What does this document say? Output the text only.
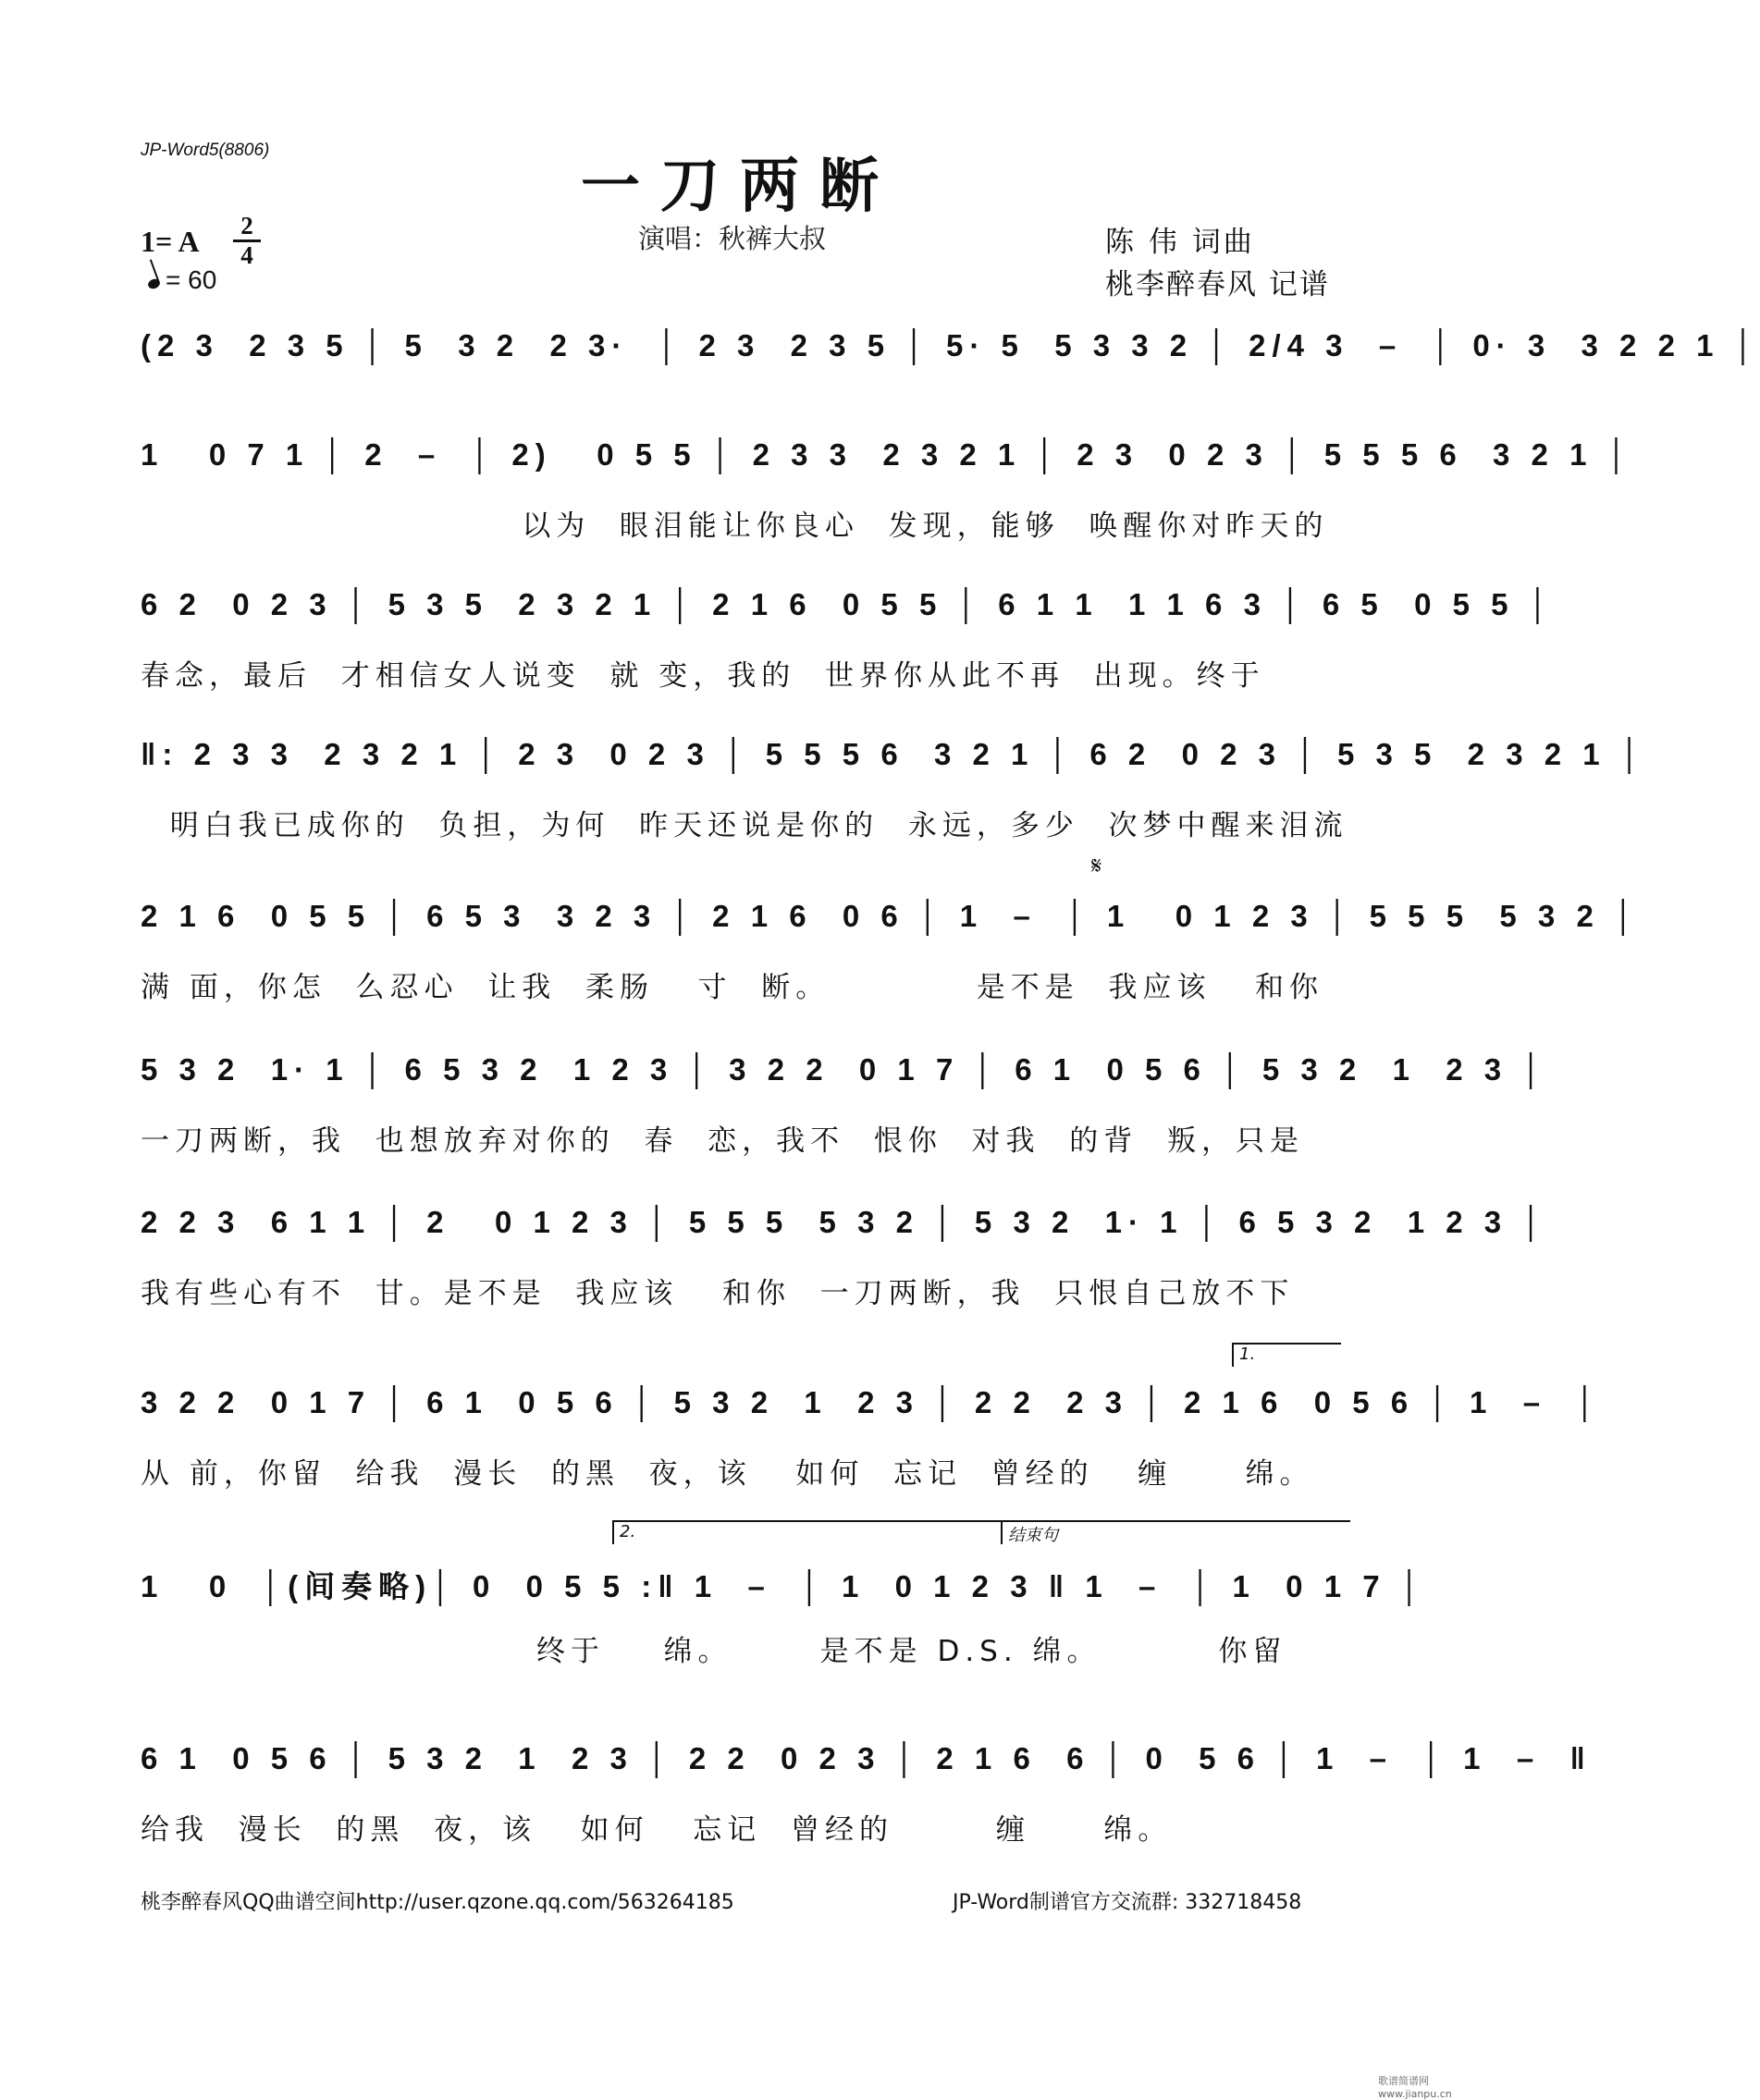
JP-Word5(8806)
一刀两断
演唱：秋裤大叔	陈 伟 词曲
桃李醉春风 记谱
1= A	2
4
= 60
(2 3  2 3 5 │ 5  3 2  2 3·  │ 2 3  2 3 5 │ 5· 5  5 3 3 2 │ 2/4 3  –  │ 0· 3  3 2 2 1 │
1   0 7 1 │ 2  –  │ 2)   0 5 5 │ 2 3 3  2 3 2 1 │ 2 3  0 2 3 │ 5 5 5 6  3 2 1 │
以为  眼泪能让你良心  发现，能够  唤醒你对昨天的
6 2  0 2 3 │ 5 3 5  2 3 2 1 │ 2 1 6  0 5 5 │ 6 1 1  1 1 6 3 │ 6 5  0 5 5 │
春念，最后  才相信女人说变  就 变，我的  世界你从此不再  出现。终于
‖: 2 3 3  2 3 2 1 │ 2 3  0 2 3 │ 5 5 5 6  3 2 1 │ 6 2  0 2 3 │ 5 3 5  2 3 2 1 │
明白我已成你的  负担，为何  昨天还说是你的  永远，多少  次梦中醒来泪流
𝄋
2 1 6  0 5 5 │ 6 5 3  3 2 3 │ 2 1 6  0 6 │ 1  –  │ 1   0 1 2 3 │ 5 5 5  5 3 2 │
满 面，你怎  么忍心  让我  柔肠   寸  断。          是不是  我应该   和你
5 3 2  1· 1 │ 6 5 3 2  1 2 3 │ 3 2 2  0 1 7 │ 6 1  0 5 6 │ 5 3 2  1  2 3 │
一刀两断，我  也想放弃对你的  春  恋，我不  恨你  对我  的背  叛，只是
2 2 3  6 1 1 │ 2   0 1 2 3 │ 5 5 5  5 3 2 │ 5 3 2  1· 1 │ 6 5 3 2  1 2 3 │
我有些心有不  甘。是不是  我应该   和你  一刀两断，我  只恨自己放不下
1.
3 2 2  0 1 7 │ 6 1  0 5 6 │ 5 3 2  1  2 3 │ 2 2  2 3 │ 2 1 6  0 5 6 │ 1  –  │
从 前，你留  给我  漫长  的黑  夜，该   如何  忘记  曾经的   缠     绵。
2.	结束句
1   0  │(间奏略)│ 0  0 5 5 :‖ 1  –  │ 1  0 1 2 3 ‖ 1  –  │ 1  0 1 7 │
终于    绵。      是不是 D.S. 绵。        你留
6 1  0 5 6 │ 5 3 2  1  2 3 │ 2 2  0 2 3 │ 2 1 6  6 │ 0  5 6 │ 1  –  │ 1  –  ‖
给我  漫长  的黑  夜，该   如何   忘记  曾经的       缠     绵。
桃李醉春风QQ曲谱空间http://user.qzone.qq.com/563264185	JP-Word制谱官方交流群: 332718458
歌谱简谱网 www.jianpu.cn
